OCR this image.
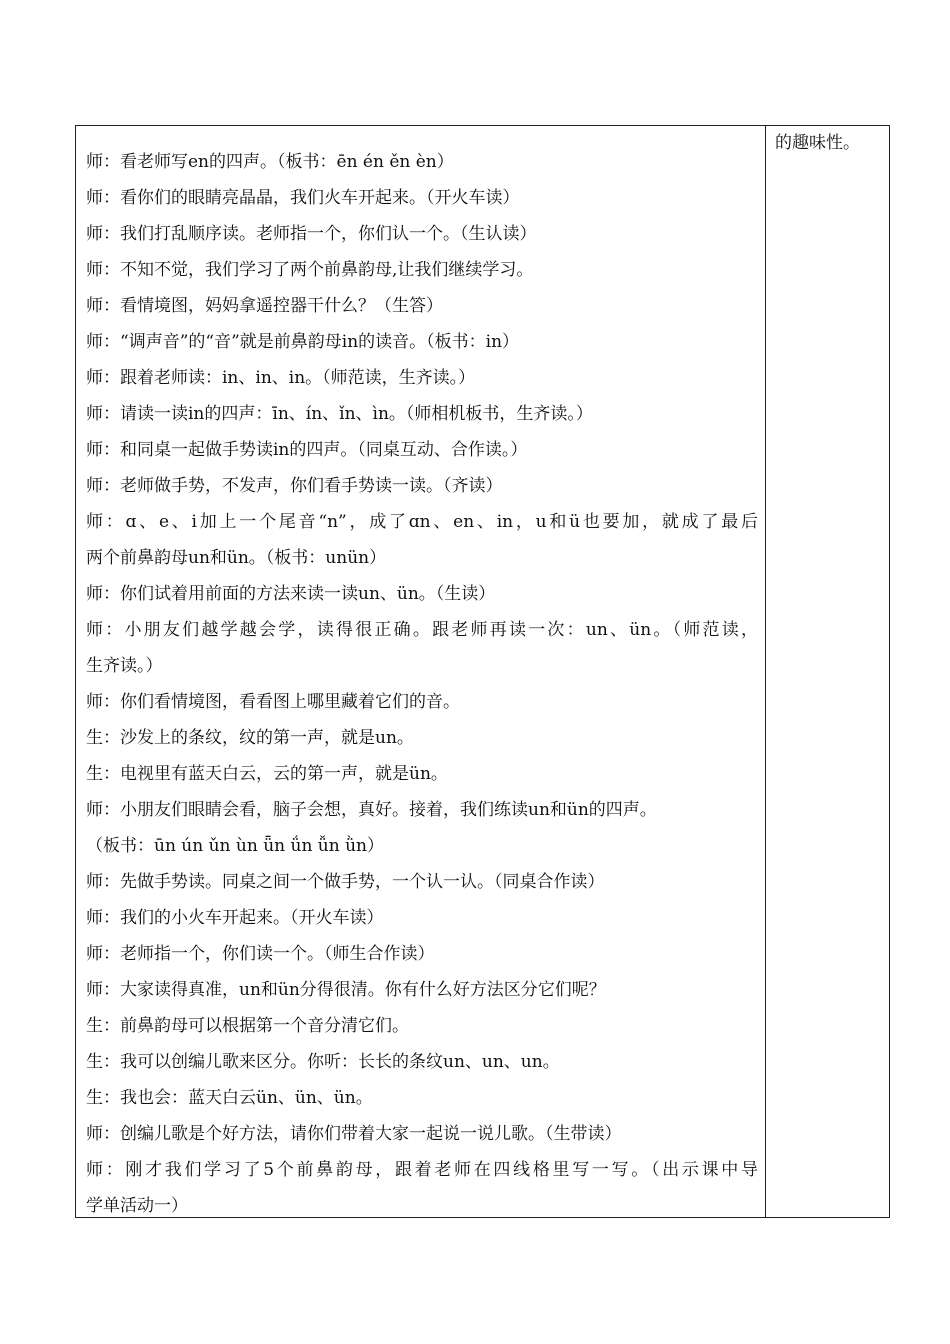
师：看老师写en的四声。（板书：ēn én ěn èn）
师：看你们的眼睛亮晶晶，我们火车开起来。（开火车读）
师：我们打乱顺序读。老师指一个，你们认一个。（生认读）
师：不知不觉，我们学习了两个前鼻韵母,让我们继续学习。
师：看情境图，妈妈拿遥控器干什么？（生答）
师：“调声音”的“音”就是前鼻韵母in的读音。（板书：in）
师：跟着老师读：in、in、in。（师范读，生齐读。）
师：请读一读in的四声：īn、ín、ǐn、ìn。（师相机板书，生齐读。）
师：和同桌一起做手势读in的四声。（同桌互动、合作读。）
师：老师做手势，不发声，你们看手势读一读。（齐读）
师：ɑ、e、i加上一个尾音“n”，成了ɑn、en、in，u和ü也要加，就成了最后
两个前鼻韵母un和ün。（板书：unün）
师：你们试着用前面的方法来读一读un、ün。（生读）
师：小朋友们越学越会学，读得很正确。跟老师再读一次：un、ün。（师范读，
生齐读。）
师：你们看情境图，看看图上哪里藏着它们的音。
生：沙发上的条纹，纹的第一声，就是un。
生：电视里有蓝天白云，云的第一声，就是ün。
师：小朋友们眼睛会看，脑子会想，真好。接着，我们练读un和ün的四声。
（板书：ūn ún ǔn ùn ǖn ǘn ǚn ǜn）
师：先做手势读。同桌之间一个做手势，一个认一认。（同桌合作读）
师：我们的小火车开起来。（开火车读）
师：老师指一个，你们读一个。（师生合作读）
师：大家读得真准，un和ün分得很清。你有什么好方法区分它们呢？
生：前鼻韵母可以根据第一个音分清它们。
生：我可以创编儿歌来区分。你听：长长的条纹un、un、un。
生：我也会：蓝天白云ün、ün、ün。
师：创编儿歌是个好方法，请你们带着大家一起说一说儿歌。（生带读）
师：刚才我们学习了5个前鼻韵母，跟着老师在四线格里写一写。（出示课中导
学单活动一）
的趣味性。
